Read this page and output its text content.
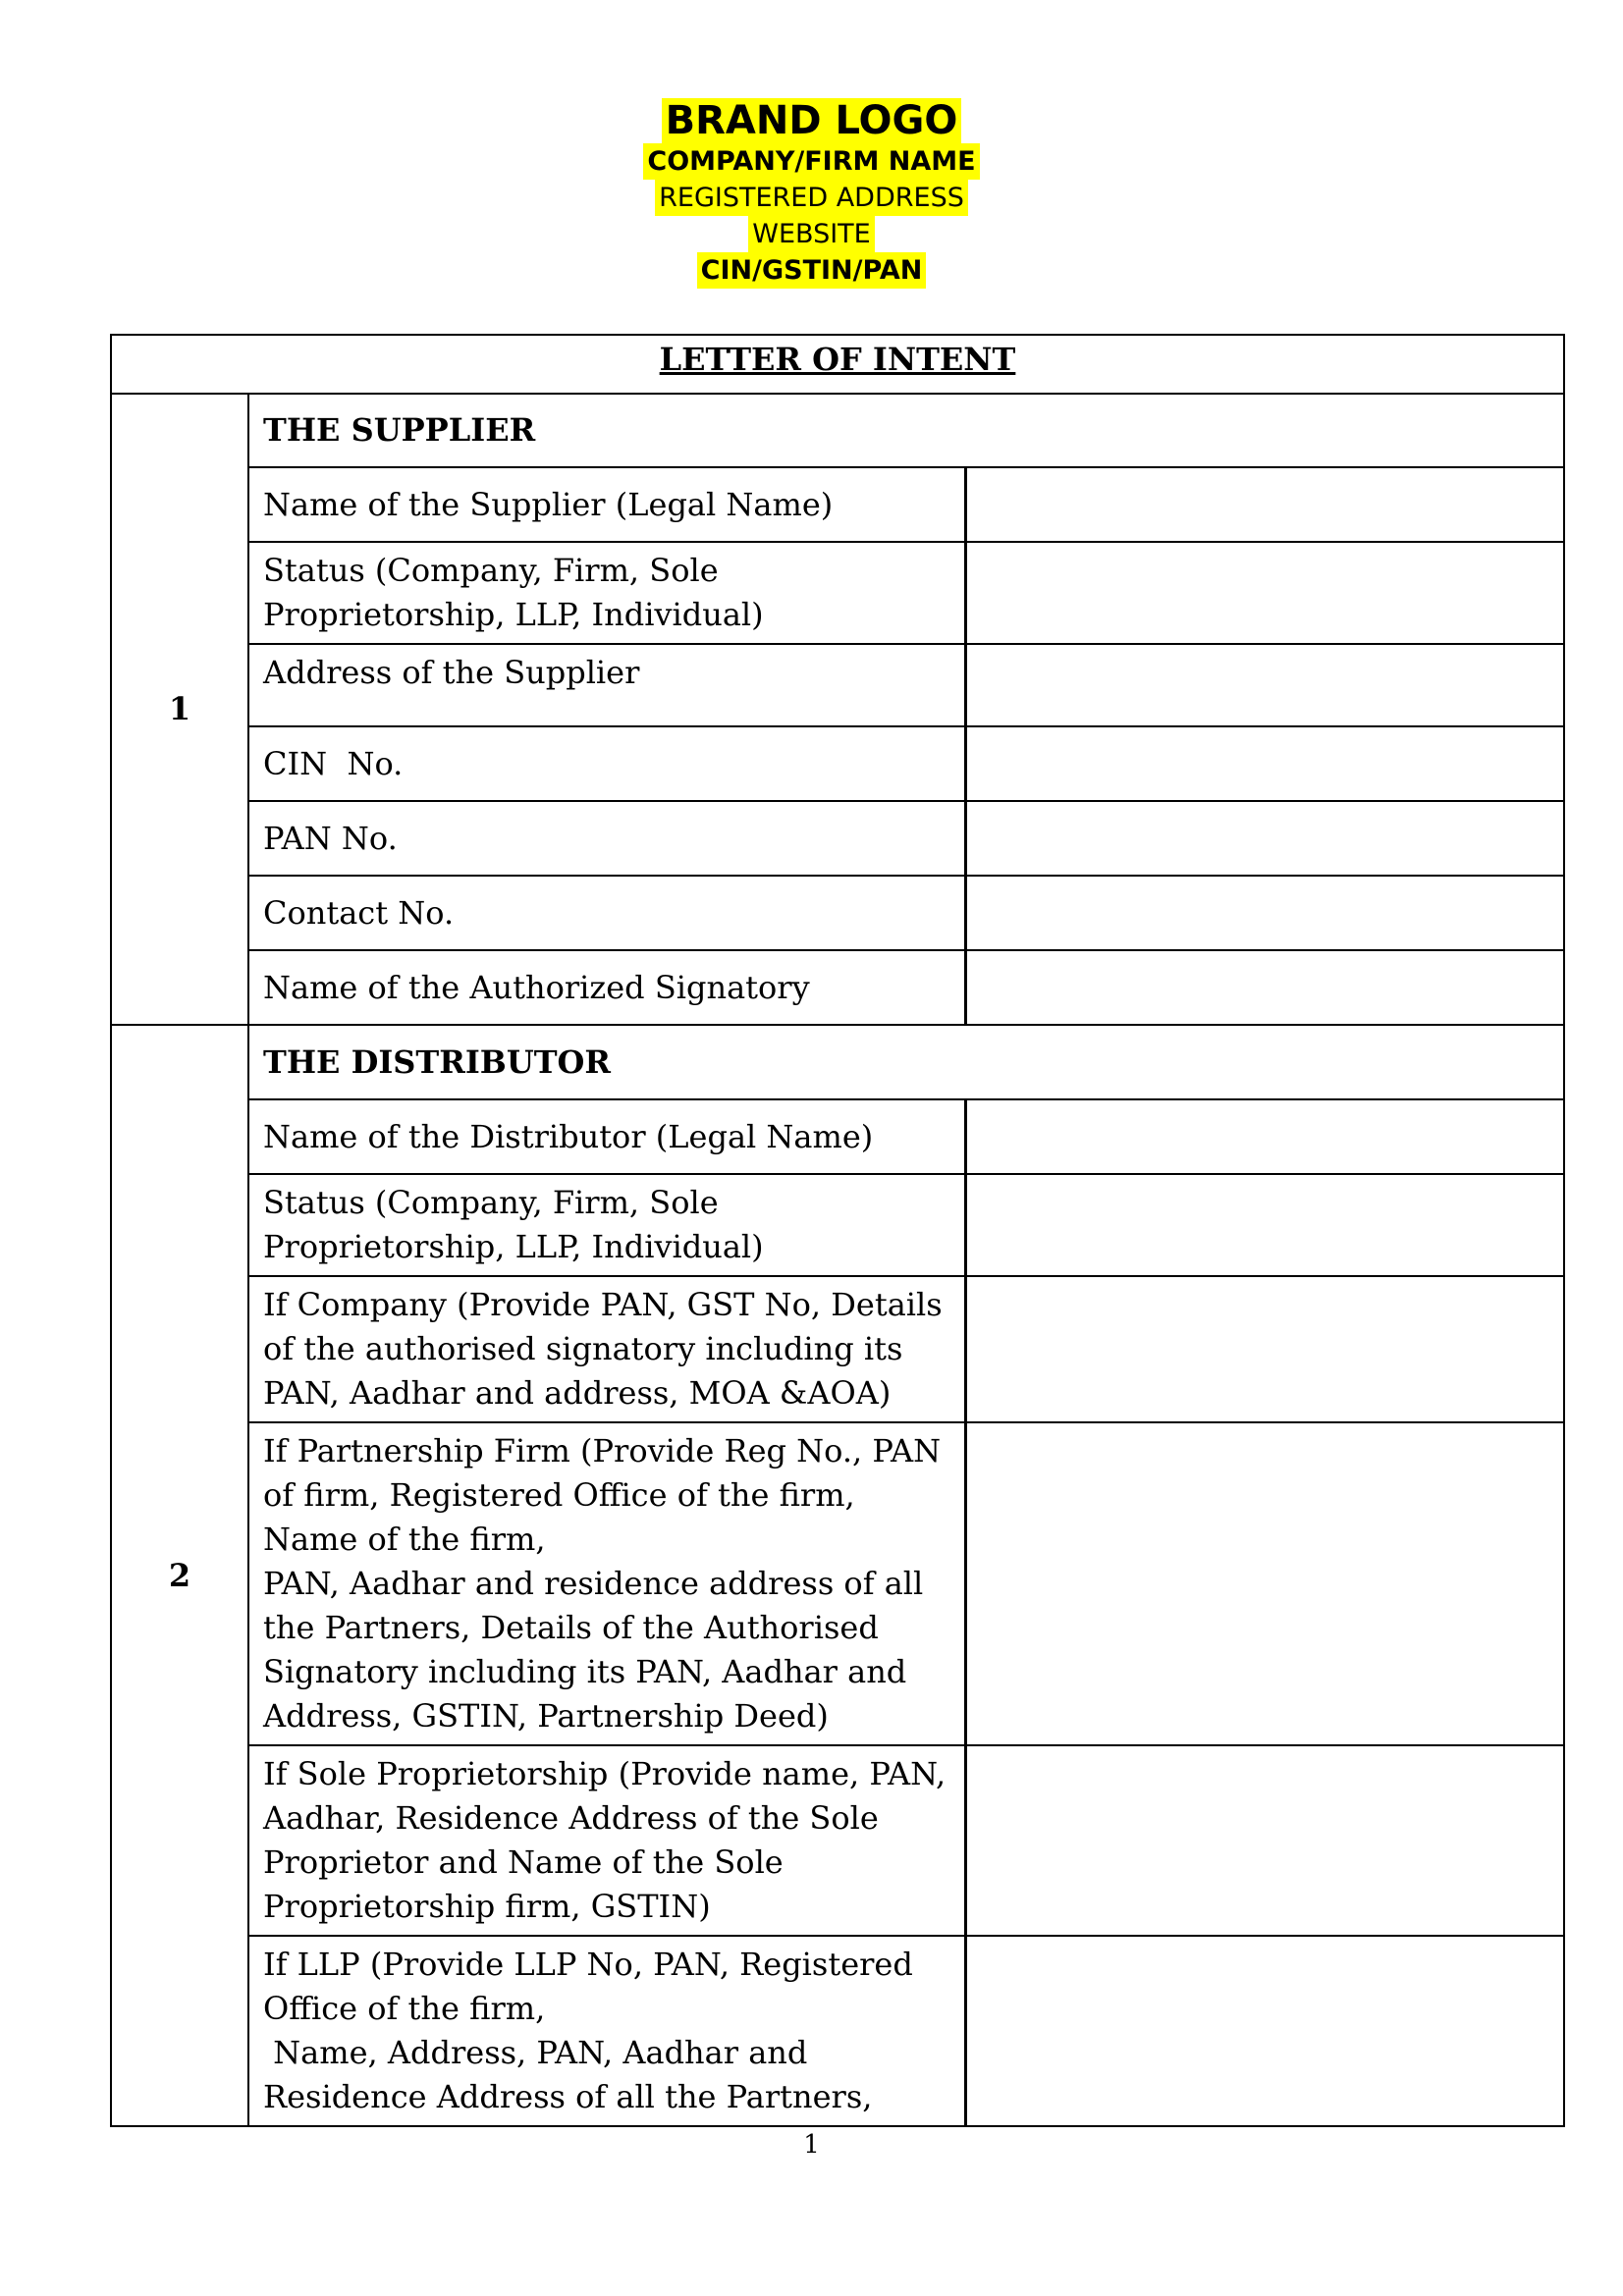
BRAND LOGO
COMPANY/FIRM NAME
REGISTERED ADDRESS
WEBSITE
CIN/GSTIN/PAN
LETTER OF INTENT		
1	THE SUPPLIER	
	Name of the Supplier (Legal Name)	
	Status (Company, Firm, Sole Proprietorship, LLP, Individual)	
	Address of the Supplier	
	CIN  No.	
	PAN No.	
	Contact No.	
	Name of the Authorized Signatory	
2	THE DISTRIBUTOR	
	Name of the Distributor (Legal Name)	
	Status (Company, Firm, Sole Proprietorship, LLP, Individual)	
	If Company (Provide PAN, GST No, Details of the authorised signatory including its PAN, Aadhar and address, MOA &AOA)	
	If Partnership Firm (Provide Reg No., PAN of firm, Registered Office of the firm, Name of the firm,
PAN, Aadhar and residence address of all the Partners, Details of the Authorised Signatory including its PAN, Aadhar and Address, GSTIN, Partnership Deed)	
	If Sole Proprietorship (Provide name, PAN, Aadhar, Residence Address of the Sole Proprietor and Name of the Sole Proprietorship firm, GSTIN)	
	If LLP (Provide LLP No, PAN, Registered Office of the firm,
Name, Address, PAN, Aadhar and Residence Address of all the Partners,	
1
